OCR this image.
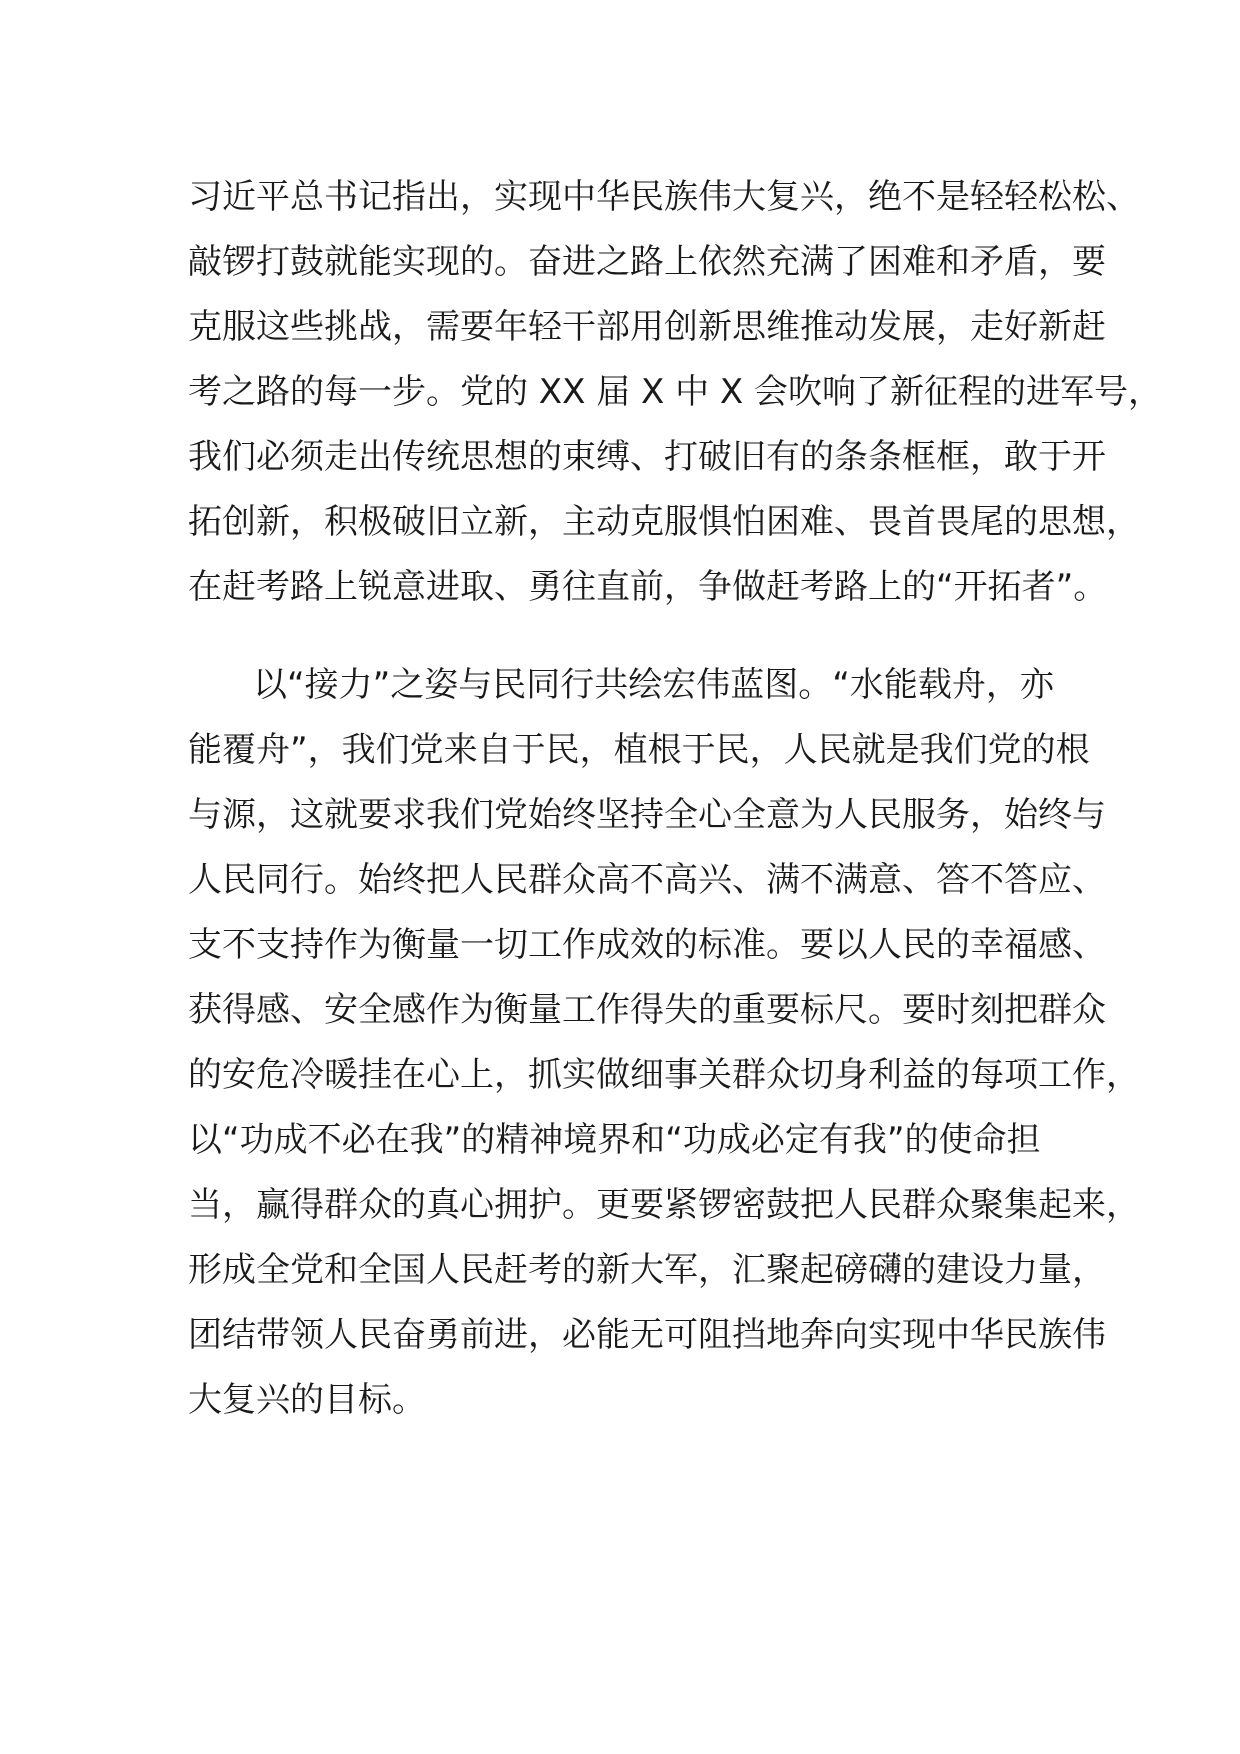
习近平总书记指出，实现中华民族伟大复兴，绝不是轻轻松松、
敲锣打鼓就能实现的。奋进之路上依然充满了困难和矛盾，要
克服这些挑战，需要年轻干部用创新思维推动发展，走好新赶
考之路的每一步。党的 XX 届 X 中 X 会吹响了新征程的进军号，
我们必须走出传统思想的束缚、打破旧有的条条框框，敢于开
拓创新，积极破旧立新，主动克服惧怕困难、畏首畏尾的思想，
在赶考路上锐意进取、勇往直前，争做赶考路上的“开拓者”。
以“接力”之姿与民同行共绘宏伟蓝图。“水能载舟，亦
能覆舟”，我们党来自于民，植根于民，人民就是我们党的根
与源，这就要求我们党始终坚持全心全意为人民服务，始终与
人民同行。始终把人民群众高不高兴、满不满意、答不答应、
支不支持作为衡量一切工作成效的标准。要以人民的幸福感、
获得感、安全感作为衡量工作得失的重要标尺。要时刻把群众
的安危冷暖挂在心上，抓实做细事关群众切身利益的每项工作，
以“功成不必在我”的精神境界和“功成必定有我”的使命担
当，赢得群众的真心拥护。更要紧锣密鼓把人民群众聚集起来，
形成全党和全国人民赶考的新大军，汇聚起磅礴的建设力量，
团结带领人民奋勇前进，必能无可阻挡地奔向实现中华民族伟
大复兴的目标。
